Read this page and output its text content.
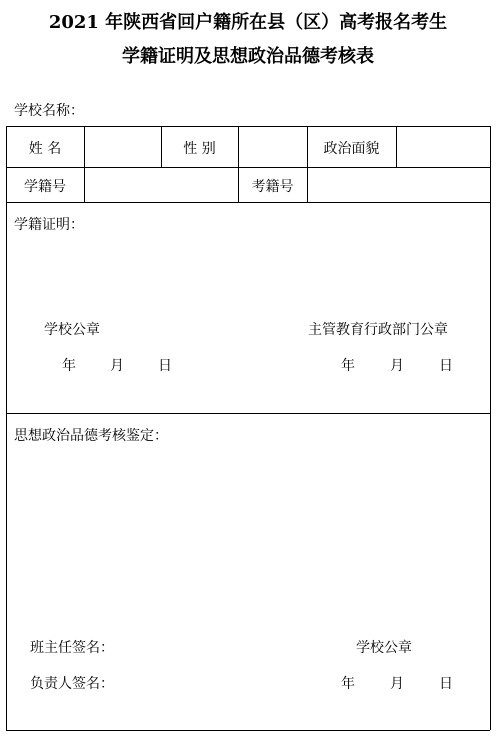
2021 年陕西省回户籍所在县（区）高考报名考生
学籍证明及思想政治品德考核表
学校名称：
姓 名	性 别	政治面貌
学籍号	考籍号
学籍证明：
学校公章	主管教育行政部门公章
年 月 日	年	月	日
思想政治品德考核鉴定：
班主任签名：	学校公章
负责人签名：	年	月	日
